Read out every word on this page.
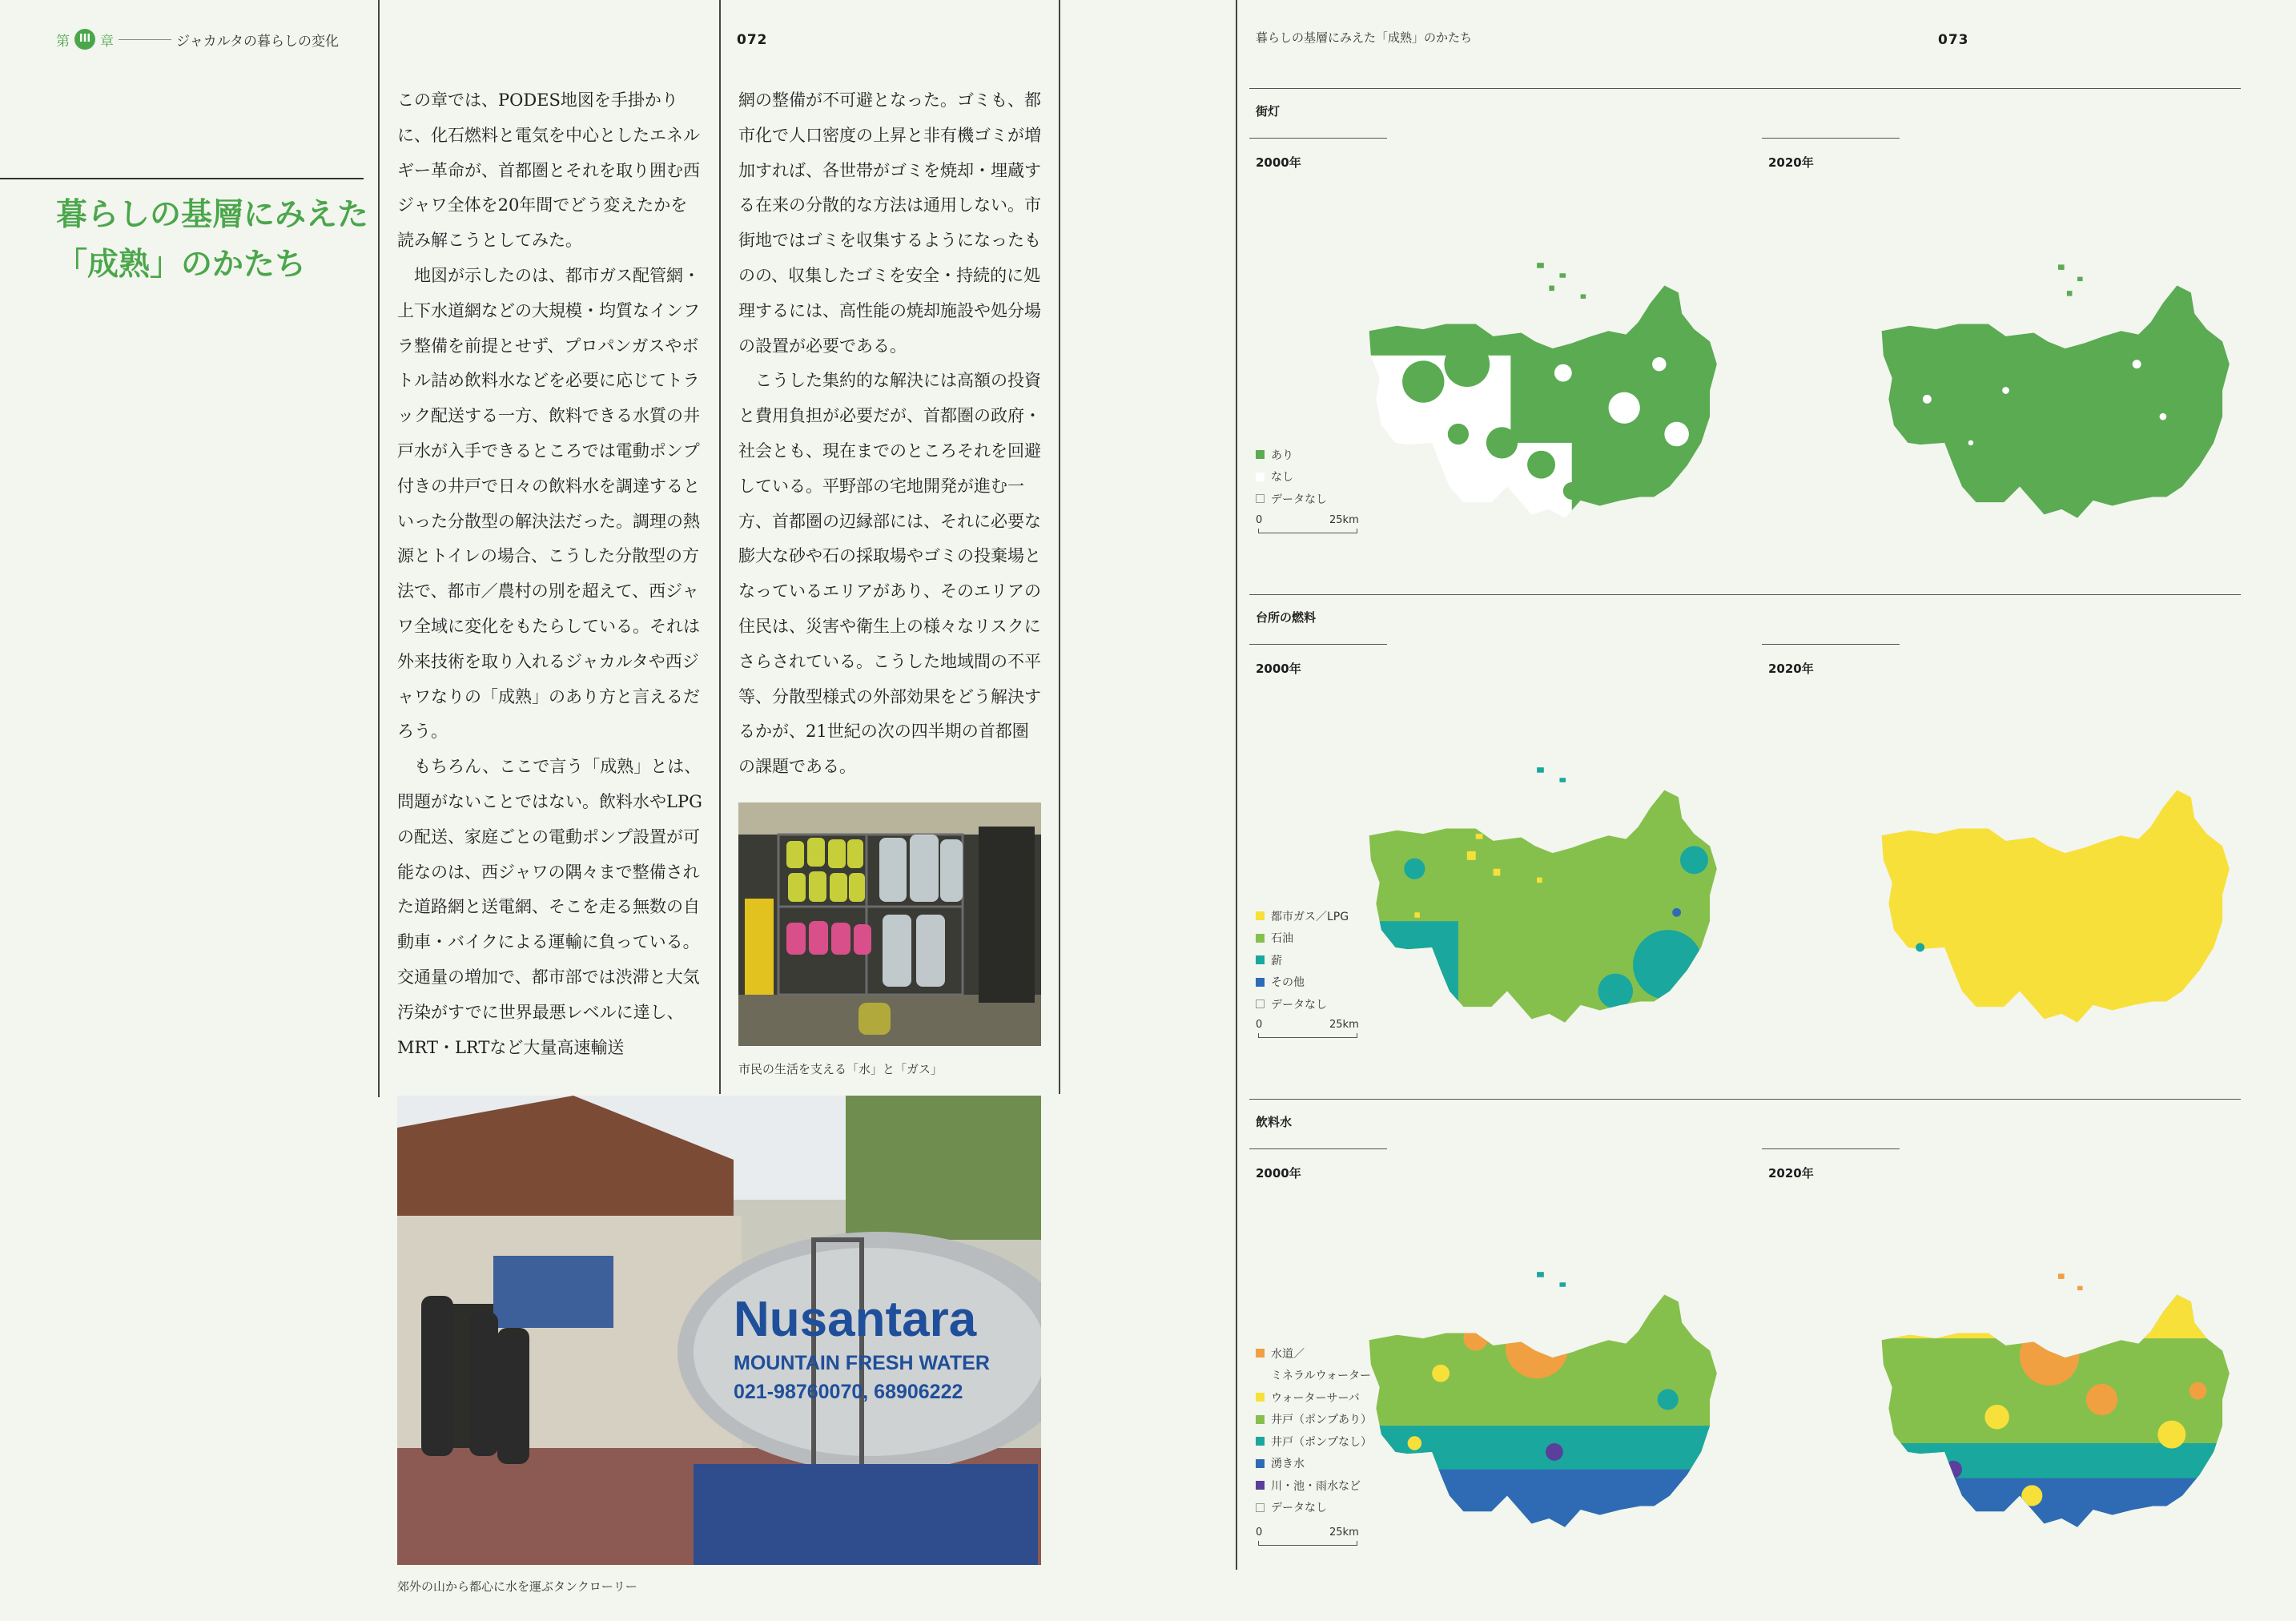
第 III 章	ジャカルタの暮らしの変化
暮らしの基層にみえた
「成熟」のかたち
072

この章では、PODES地図を手掛かりに、化石燃料と電気を中心としたエネルギー革命が、首都圏とそれを取り囲む西ジャワ全体を20年間でどう変えたかを読み解こうとしてみた。

地図が示したのは、都市ガス配管網・上下水道網などの大規模・均質なインフラ整備を前提とせず、プロパンガスやボトル詰め飲料水などを必要に応じてトラック配送する一方、飲料できる水質の井戸水が入手できるところでは電動ポンプ付きの井戸で日々の飲料水を調達するといった分散型の解決法だった。調理の熱源とトイレの場合、こうした分散型の方法で、都市／農村の別を超えて、西ジャワ全域に変化をもたらしている。それは外来技術を取り入れるジャカルタや西ジャワなりの「成熟」のあり方と言えるだろう。

もちろん、ここで言う「成熟」とは、問題がないことではない。飲料水やLPGの配送、家庭ごとの電動ポンプ設置が可能なのは、西ジャワの隅々まで整備された道路網と送電網、そこを走る無数の自動車・バイクによる運輸に負っている。交通量の増加で、都市部では渋滞と大気汚染がすでに世界最悪レベルに達し、MRT・LRTなど大量高速輸送

網の整備が不可避となった。ゴミも、都市化で人口密度の上昇と非有機ゴミが増加すれば、各世帯がゴミを焼却・埋蔵する在来の分散的な方法は通用しない。市街地ではゴミを収集するようになったものの、収集したゴミを安全・持続的に処理するには、高性能の焼却施設や処分場の設置が必要である。

こうした集約的な解決には高額の投資と費用負担が必要だが、首都圏の政府・社会とも、現在までのところそれを回避している。平野部の宅地開発が進む一方、首都圏の辺縁部には、それに必要な膨大な砂や石の採取場やゴミの投棄場となっているエリアがあり、そのエリアの住民は、災害や衛生上の様々なリスクにさらされている。こうした地域間の不平等、分散型様式の外部効果をどう解決するかが、21世紀の次の四半期の首都圏の課題である。

市民の生活を支える「水」と「ガス」
Nusantara
MOUNTAIN FRESH WATER
021-98760070, 68906222
郊外の山から都心に水を運ぶタンクローリー
暮らしの基層にみえた「成熟」のかたち	073
街灯
2000年	2020年
あり
なし
データなし
0	25km
台所の燃料
2000年	2020年
都市ガス／LPG
石油
薪
その他
データなし
0	25km
飲料水
2000年	2020年
水道／
ミネラルウォーター
ウォーターサーバ
井戸（ポンプあり）
井戸（ポンプなし）
湧き水
川・池・雨水など
データなし
0	25km
